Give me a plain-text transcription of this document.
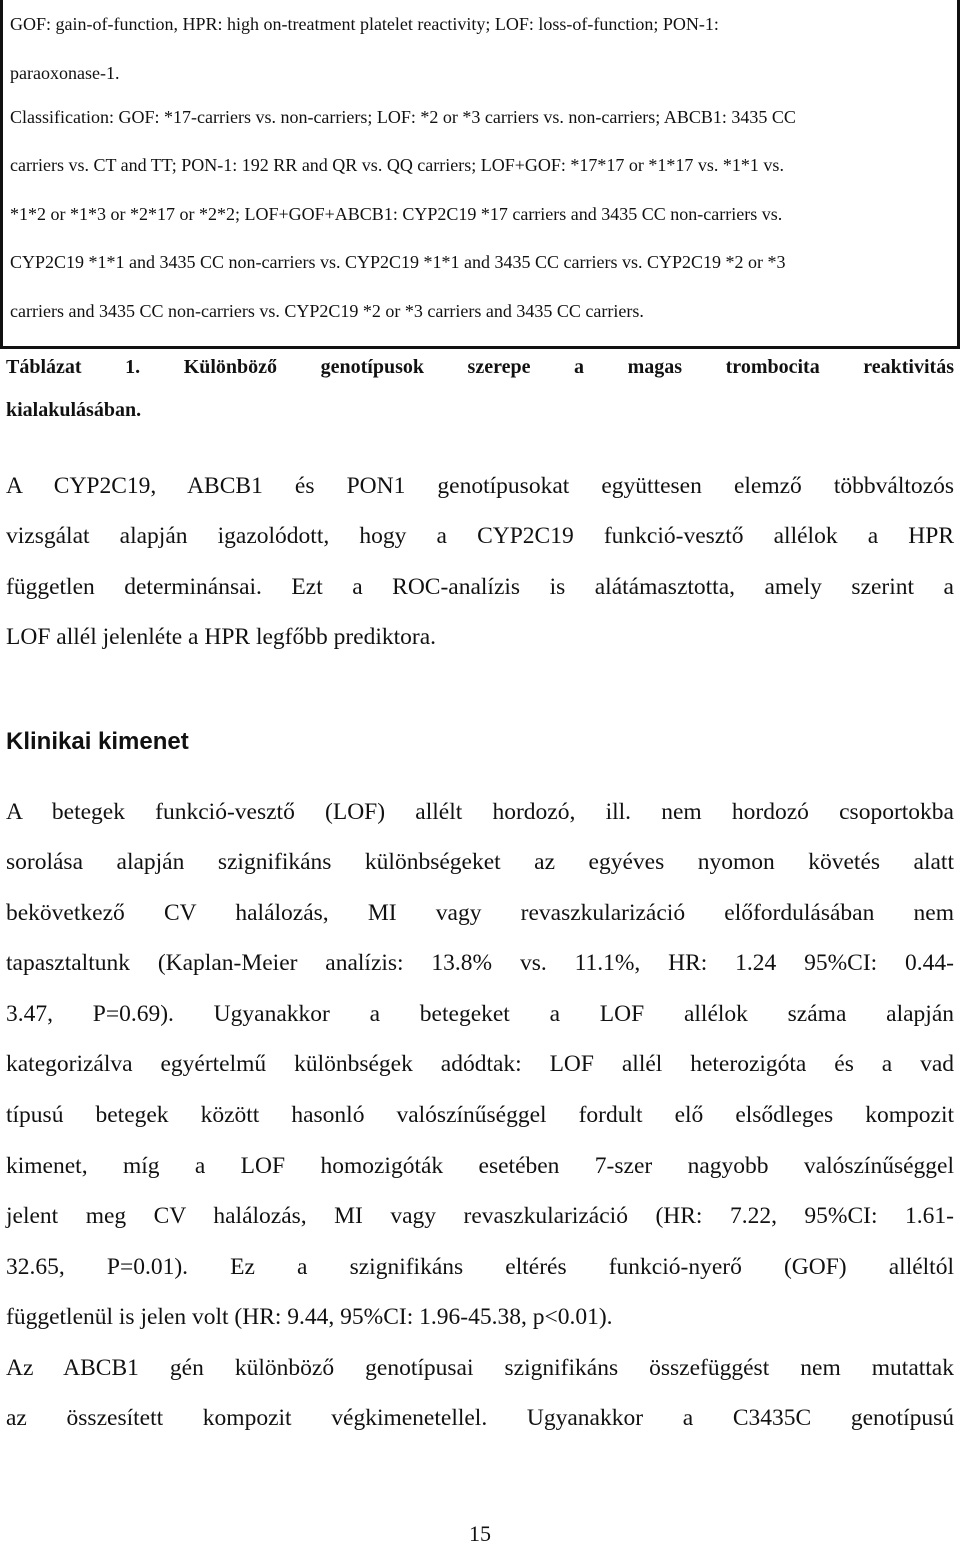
GOF: gain-of-function, HPR: high on-treatment platelet reactivity; LOF: loss-of-function; PON-1:
paraoxonase-1.
Classification: GOF: *17-carriers vs. non-carriers; LOF: *2 or *3 carriers vs. non-carriers; ABCB1: 3435 CC
carriers vs. CT and TT; PON-1: 192 RR and QR vs. QQ carriers; LOF+GOF: *17*17 or *1*17 vs. *1*1 vs.
*1*2 or *1*3 or *2*17 or *2*2; LOF+GOF+ABCB1: CYP2C19 *17 carriers and 3435 CC non-carriers vs.
CYP2C19 *1*1 and 3435 CC non-carriers vs. CYP2C19 *1*1 and 3435 CC carriers vs. CYP2C19 *2 or *3
carriers and 3435 CC non-carriers vs. CYP2C19 *2 or *3 carriers and 3435 CC carriers.
Táblázat 1. Különböző genotípusok szerepe a magas trombocita reaktivitás
kialakulásában.
A CYP2C19, ABCB1 és PON1 genotípusokat együttesen elemző többváltozós
vizsgálat alapján igazolódott, hogy a CYP2C19 funkció-vesztő allélok a HPR
független determinánsai. Ezt a ROC-analízis is alátámasztotta, amely szerint a
LOF allél jelenléte a HPR legfőbb prediktora.
Klinikai kimenet
A betegek funkció-vesztő (LOF) allélt hordozó, ill. nem hordozó csoportokba
sorolása alapján szignifikáns különbségeket az egyéves nyomon követés alatt
bekövetkező CV halálozás, MI vagy revaszkularizáció előfordulásában nem
tapasztaltunk (Kaplan-Meier analízis: 13.8% vs. 11.1%, HR: 1.24 95%CI: 0.44-
3.47, P=0.69). Ugyanakkor a betegeket a LOF allélok száma alapján
kategorizálva egyértelmű különbségek adódtak: LOF allél heterozigóta és a vad
típusú betegek között hasonló valószínűséggel fordult elő elsődleges kompozit
kimenet, míg a LOF homozigóták esetében 7-szer nagyobb valószínűséggel
jelent meg CV halálozás, MI vagy revaszkularizáció (HR: 7.22, 95%CI: 1.61-
32.65, P=0.01). Ez a szignifikáns eltérés funkció-nyerő (GOF) alléltól
függetlenül is jelen volt (HR: 9.44, 95%CI: 1.96-45.38, p<0.01).
Az ABCB1 gén különböző genotípusai szignifikáns összefüggést nem mutattak
az összesített kompozit végkimenetellel. Ugyanakkor a C3435C genotípusú
15
